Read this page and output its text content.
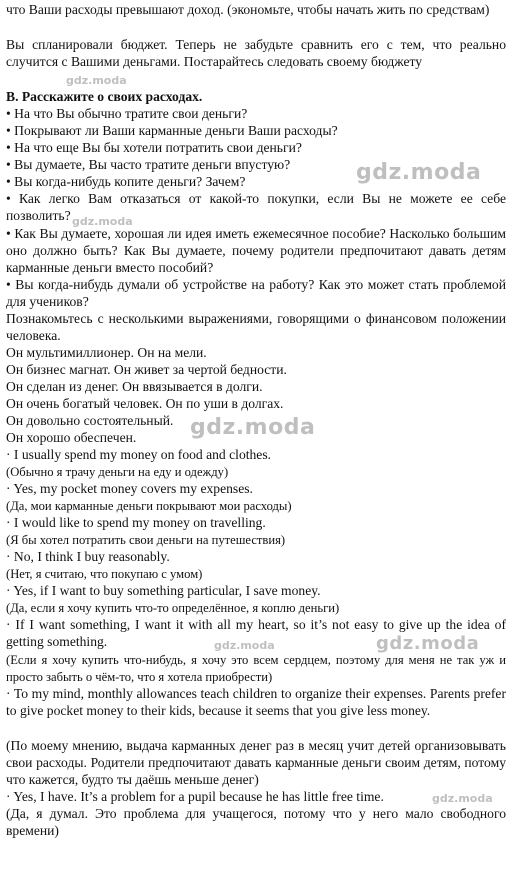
что Ваши расходы превышают доход. (экономьте, чтобы начать жить по средствам)

Вы спланировали бюджет. Теперь не забудьте сравнить его с тем, что реально случится с Вашими деньгами. Постарайтесь следовать своему бюджету

B. Расскажите о своих расходах.

• На что Вы обычно тратите свои деньги?

• Покрывают ли Ваши карманные деньги Ваши расходы?

• На что еще Вы бы хотели потратить свои деньги?

• Вы думаете, Вы часто тратите деньги впустую?

• Вы когда-нибудь копите деньги? Зачем?

• Как легко Вам отказаться от какой-то покупки, если Вы не можете ее себе позволить?

• Как Вы думаете, хорошая ли идея иметь ежемесячное пособие? Насколько большим оно должно быть? Как Вы думаете, почему родители предпочитают давать детям карманные деньги вместо пособий?

• Вы когда-нибудь думали об устройстве на работу? Как это может стать проблемой для учеников?

Познакомьтесь с несколькими выражениями, говорящими о финансовом положении человека.

Он мультимиллионер. Он на мели.

Он бизнес магнат. Он живет за чертой бедности.

Он сделан из денег. Он ввязывается в долги.

Он очень богатый человек. Он по уши в долгах.

Он довольно состоятельный.

Он хорошо обеспечен.

· I usually spend my money on food and clothes.

(Обычно я трачу деньги на еду и одежду)

· Yes, my pocket money covers my expenses.

(Да, мои карманные деньги покрывают мои расходы)

· I would like to spend my money on travelling.

(Я бы хотел потратить свои деньги на путешествия)

· No, I think I buy reasonably.

(Нет, я считаю, что покупаю с умом)

· Yes, if I want to buy something particular, I save money.

(Да, если я хочу купить что-то определённое, я коплю деньги)

· If I want something, I want it with all my heart, so it’s not easy to give up the idea of getting something.

(Если я хочу купить что-нибудь, я хочу это всем сердцем, поэтому для меня не так уж и просто забыть о чём-то, что я хотела приобрести)

· To my mind, monthly allowances teach children to organize their expenses. Parents prefer to give pocket money to their kids, because it seems that you give less money.

(По моему мнению, выдача карманных денег раз в месяц учит детей организовывать свои расходы. Родители предпочитают давать карманные деньги своим детям, потому что кажется, будто ты даёшь меньше денег)

· Yes, I have. It’s a problem for a pupil because he has little free time.

(Да, я думал. Это проблема для учащегося, потому что у него мало свободного времени)

gdz.moda
gdz.moda
gdz.moda
gdz.moda
gdz.moda	gdz.moda
gdz.moda
